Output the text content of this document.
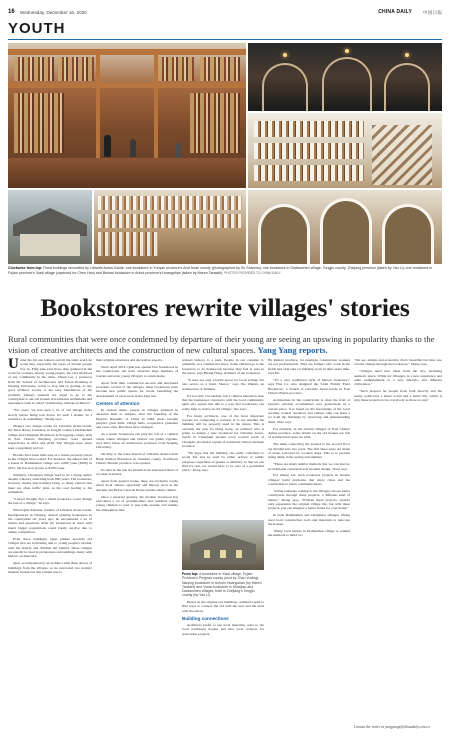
16 Wednesday, December 16, 2020	CHINA DAILY 中国日报
YOUTH
Clockwise from top: Rural buildings renovated by Librairie Avant-Garde; one bookstore in Yunyan province's Anxi bean county (photographed by Su Shanmu); one bookstore in Dadianzhen village, Tongjiu county, Zhejiang province (taken by Yao Li); one bookstore in Fujian province's Xiadi village (captured for Chen Hao) and Bishan bookstore in Anhui province's Huangshan (taken by Maren Tanashi). PHOTOS PROVIDED TO CHINA DAILY
Bookstores rewrite villages' stories
Rural communities that were once condemned by departure of their young are seeing an upswing in popularity thanks to the vision of creative architects and the construction of new cultural spaces. Yang Yang reports.

Under his fur one winters and all the stairs scarf, he looks tiny, especially the types of bosom people live in. Fifty-plus-year-lives, they gathered in the room for workers, mostly young people, the very lifeblood of any community in the cities. Zhang Lei, a professor from the School of Architecture and Urban Planning at Nanjing University, wants to stop this by getting, as any good architect would, to the very foundations of the problem. Zhang's students are urged to go to the countryside to see old houses in traditional settlements and experience what is called "architecture without architects".

"For years, we had seen a lot of old village styles slowly before being torn down. It's such a shame. So I wanted to do something," Zhang says.

Zhang's two design works for Librairie Avant-Garde, the Tutai library bookshop in Tongjiu county's Dadianzhen village and Chenjiapu Bookstore in Songyang county, both in East China's Zhejiang province, were opened respectively in 2014 and 2018. The villages have since seen a surprising revival.

Hostels have been built and, as a result, property prices in the villages have soared. For instance, the annual rent of a house in Dadianzhen village was 2,000 yuan ($306) in 2015, but has now grown to 8,000 yuan.

Similarly, Chenjiapu village used to be a dying outlier despite a history stretching back 800 years. The bookstore, however, means that holidays bring so many visitors that there are often traffic jams on the road leading to the settlement.

"I never thought that a small bookstore could change the fate of a village," he says.

When Qian Xiaohua, founder of Librairie Avant-Garde, headquartered in Nanjing, started opening bookstores in the countryside six years ago, he encountered a lot of doubts and questions. After all, bookstores in cities with much bigger populations could barely survive due to online competition.

Even more strikingly, Qian pushes upwards old villages that are hollowing due to young people's exodus, with the elderly and children left behind. These villages are usually located in picturesque surroundings, many with historic architecture.

Qian, accompanied by an architect with three shows of buildings from the villages, so he renovated two derelict modern bookstores that remain true to

their original structures and decorative aspects.

Since April 2014, Qian has opened five bookstores in the countryside. All have attracted large numbers of tourists and even young villagers to return home.

Apart from their commercial success and newfound economic revival of the villages, these bookstores have become new public spaces for locals, benefiting the development of rural areas in the long run.

Centers of attention

In ancient times, people in villages gathered in ancestral halls or temples, after the founding of the People's Republic of China in 1949, these became people's great halls, village halls, cooperative granaries and even cafes. But those have changed.

As a result, bookstores can play the role of a cultural center where villagers and visitors can gather together, says Zhao Chen, an architecture professor from Nanjing University.

On May 4, the latest branch of Librairie Avant-Garde Bank Jiazhou Bookstore in Jianshan county, Southwest China's Yunnan province, was opened.

Its sales in the last six months have surpassed those of 12 other branches.

Apart from general books, there are exclusive works about local culture, especially and history, such as the Ancient Tea Horse Caravan Route and the ethnic culture.

Once a deserted granary, the modern bookstore has welcomed a lot of grandmothers and residents taking young children to read or just walk around, and sample the atmosphere, like

relaxed visitors to a park. People in our consider it, primarily, as a commercial place. Some children go to the bookstore to do homework because they feel at ease in the space, says Huang Hong, architect of the bookstore.

"It does not only provide space for book selling, but also serves as a bond. Shows," says Xia Zhujun, an architecture of Xiamen.

It's not only a bookshop, but a cultural education base that the businesses constructs with the local community. Qian also agrees that this is a way that bookstores can really help to revive an old village," Xia says.

For many architects, one of the most important reasons for composing a scenario is to see whether the building will be properly used in the future. This is certainly the case for Dong Gong, an architect who is going to design a new bookstore for Librairie Avant-Garde in Chenjiahu ancient town located north of Chengdu, provincial capital of southwest China's Sichuan province.

"We hope that the building can really contribute to social life and be used by either private or public purposes, regardless of gender or ethnicity, so that we can find it's real, we would have to be part of a prohibited place," Dong says.

From top: A bookstore in Xiadi village, Fujian Province's Pingnan county (shot by Zhao Yuding); Nanjing bookstore in Anhui's Huangshan (by Maren Tanashi) and Yunai bookstore in Shanjiao and Dadianzhen villages, both in Zhejiang's Tongjiu county (by Yao Li).

Based on the original old buildings, architects need to find ways to connect the old with the new and the rural with the urban.

Building connections

Architects prefer to use local materials, refer to the local traditional houses and hire local workers for renovation projects.

By Reinan province, for example, construction workers are not professionals. They are farmers who work in the fields and only take on building work in their spare time, says Ho.

"It's a very traditional style of mutual assistance," says Hua Li, who designed the 'Lishi Family Field Bookstore', a branch of Librairie Avant-Garde in East China's Fujian province.

Architecture in the countryside is often the fruit of people's wisdom accumulated over generations in a certain place. It is based on the knowledge of the local weather, natural resources and culture. One can learn a lot from the buildings by observing and understanding them, Zhao says.

For example, in the ancient villages of East China's Anhui province, some details on the old houses are full of architectural clues, he adds.

The main connecting the ground to the second floor are divided into two parts. The first three steps are made of stone, followed by wooden steps. This is to prevent rising damp in the spring and summer.

"There are many similar methods that we can borrow in traditional construction in modern design," Ross says.

For Zhang Lei, such bookstore projects in ancient villages' build platforms that allow cities and the countryside to better communications.

"Urban residents coming to the villages can see better countryside through these projects, a different kind of nature," Zhang says. "Without these projects, visitors only experience the original village life, but with these projects, you can imagine a better future for your home."

In both Dadianzhen and Chenjiapu villages, Zhang used local construction tools and materials to renovate the houses.

"Many local people in Dadianzhen village to remind me methods to build too

"We see, simple and economic, that's beautiful, but they saw a better change through the bookstore," Zhang says.

"Villages need new ideas from the city, including aesthetic space. While for villagers, is a new experience and other enlightenment to a new lifestyle, and different civilization."

"Such projects let people from both directly and the nearly rediscover a better world and a better life, which is why these projects is for everybody as more as ours"

Contact the writer at yangyangs@chinadaily.com.cn
